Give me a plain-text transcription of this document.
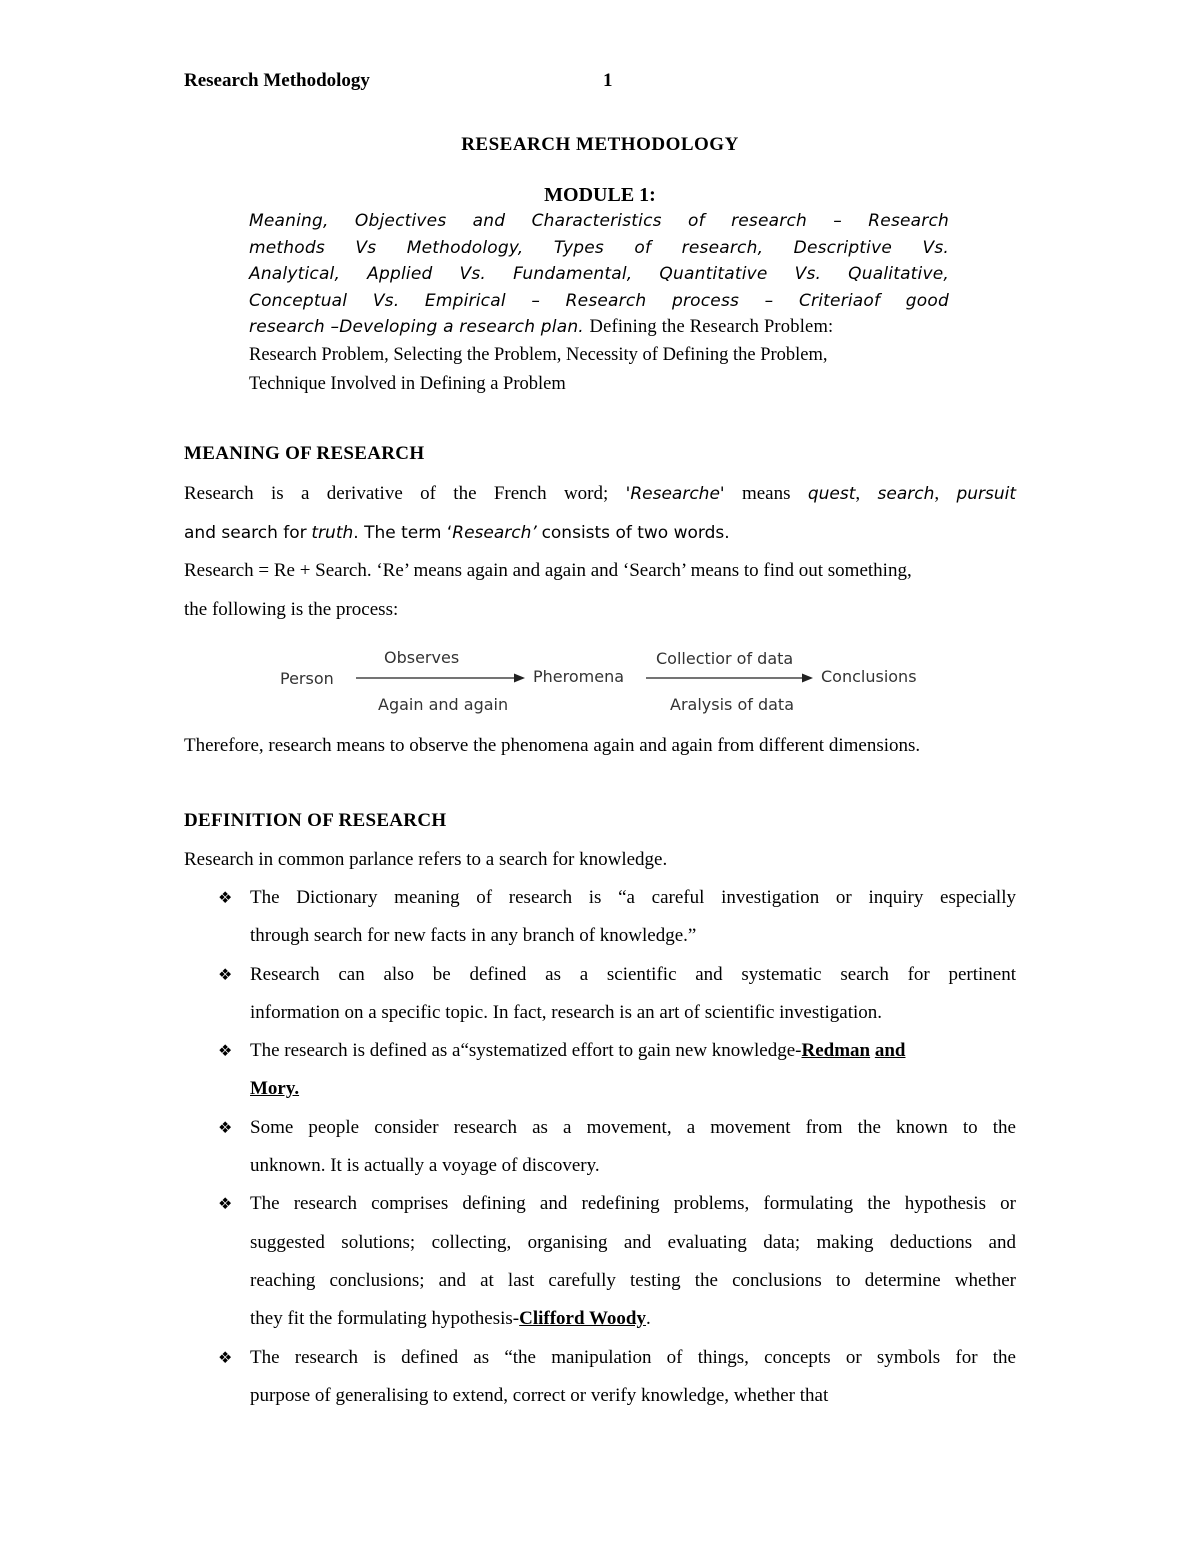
Research Methodology	1
RESEARCH METHODOLOGY
MODULE 1:
Meaning, Objectives and Characteristics of research – Research
methods Vs Methodology, Types of research, Descriptive Vs.
Analytical, Applied Vs. Fundamental, Quantitative Vs. Qualitative,
Conceptual Vs. Empirical – Research process – Criteriaof good
research –Developing a research plan. Defining the Research Problem:
Research Problem, Selecting the Problem, Necessity of Defining the Problem,
Technique Involved in Defining a Problem
MEANING OF RESEARCH
Research is a derivative of the French word; 'Researche' means quest, search, pursuit
and search for truth. The term ‘Research’ consists of two words.
Research = Re + Search. ‘Re’ means again and again and ‘Search’ means to find out something,
the following is the process:
Person
Observes
Again and again
Pheromena
Collectior of data
Aralysis of data
Conclusions
Therefore, research means to observe the phenomena again and again from different dimensions.
DEFINITION OF RESEARCH
Research in common parlance refers to a search for knowledge.
❖ The Dictionary meaning of research is “a careful investigation or inquiry especially
through search for new facts in any branch of knowledge.”
❖ Research can also be defined as a scientific and systematic search for pertinent
information on a specific topic. In fact, research is an art of scientific investigation.
❖ The research is defined as a“systematized effort to gain new knowledge-Redman and
Mory.
❖ Some people consider research as a movement, a movement from the known to the
unknown. It is actually a voyage of discovery.
❖ The research comprises defining and redefining problems, formulating the hypothesis or
suggested solutions; collecting, organising and evaluating data; making deductions and
reaching conclusions; and at last carefully testing the conclusions to determine whether
they fit the formulating hypothesis-Clifford Woody.
❖ The research is defined as “the manipulation of things, concepts or symbols for the
purpose of generalising to extend, correct or verify knowledge, whether that
